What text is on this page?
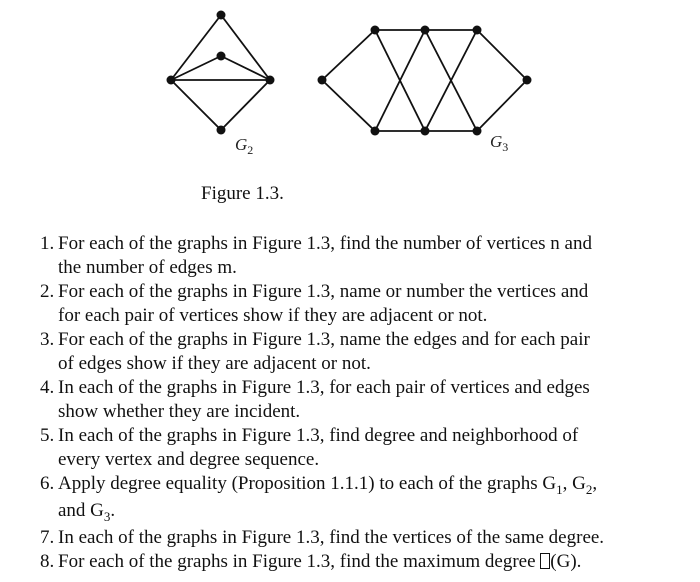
$G_2$	$G_3$
Figure 1.3.
1. For each of the graphs in Figure 1.3, find the number of vertices n and
the number of edges m.
2. For each of the graphs in Figure 1.3, name or number the vertices and
for each pair of vertices show if they are adjacent or not.
3. For each of the graphs in Figure 1.3, name the edges and for each pair
of edges show if they are adjacent or not.
4. In each of the graphs in Figure 1.3, for each pair of vertices and edges
show whether they are incident.
5. In each of the graphs in Figure 1.3, find degree and neighborhood of
every vertex and degree sequence.
6. Apply degree equality (Proposition 1.1.1) to each of the graphs $G_1$, $G_2$,
and $G_3$.
7. In each of the graphs in Figure 1.3, find the vertices of the same degree.
8. For each of the graphs in Figure 1.3, find the maximum degree (G).
